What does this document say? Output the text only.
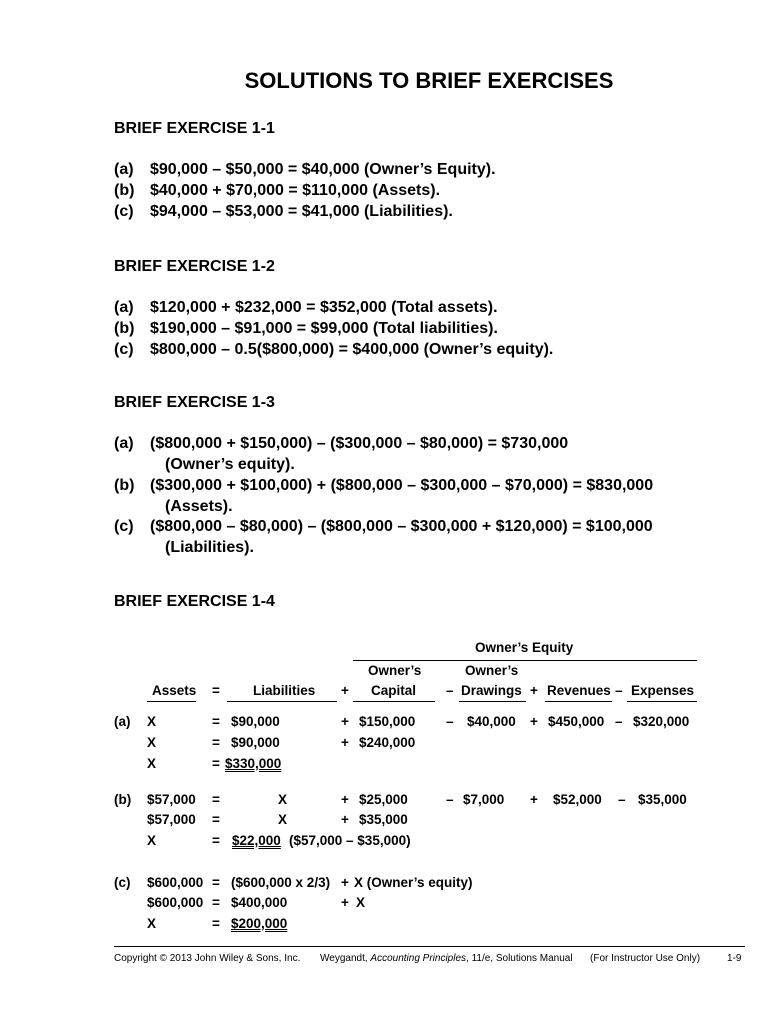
SOLUTIONS TO BRIEF EXERCISES
BRIEF EXERCISE 1-1
(a) $90,000 – $50,000 = $40,000 (Owner’s Equity).
(b) $40,000 + $70,000 = $110,000 (Assets).
(c) $94,000 – $53,000 = $41,000 (Liabilities).
BRIEF EXERCISE 1-2
(a) $120,000 + $232,000 = $352,000 (Total assets).
(b) $190,000 – $91,000 = $99,000 (Total liabilities).
(c) $800,000 – 0.5($800,000) = $400,000 (Owner’s equity).
BRIEF EXERCISE 1-3
(a) ($800,000 + $150,000) – ($300,000 – $80,000) = $730,000
(Owner’s equity).
(b) ($300,000 + $100,000) + ($800,000 – $300,000 – $70,000) = $830,000
(Assets).
(c) ($800,000 – $80,000) – ($800,000 – $300,000 + $120,000) = $100,000
(Liabilities).
BRIEF EXERCISE 1-4
Owner’s Equity
Owner’s	Owner’s
Assets = Liabilities + Capital – Drawings + Revenues – Expenses
(a) X	= $90,000	+ $150,000 – $40,000 + $450,000 – $320,000
X	= $90,000	+ $240,000
X	= $330,000
(b) $57,000 =	X	+ $25,000	– $7,000 + $52,000 – $35,000
$57,000 =	X	+ $35,000
X	= $22,000 ($57,000 – $35,000)
(c) $600,000 = ($600,000 x 2/3) + X (Owner’s equity)
$600,000 = $400,000	+ X
X	= $200,000
Copyright © 2013 John Wiley & Sons, Inc. Weygandt, Accounting Principles, 11/e, Solutions Manual (For Instructor Use Only)	1-9
